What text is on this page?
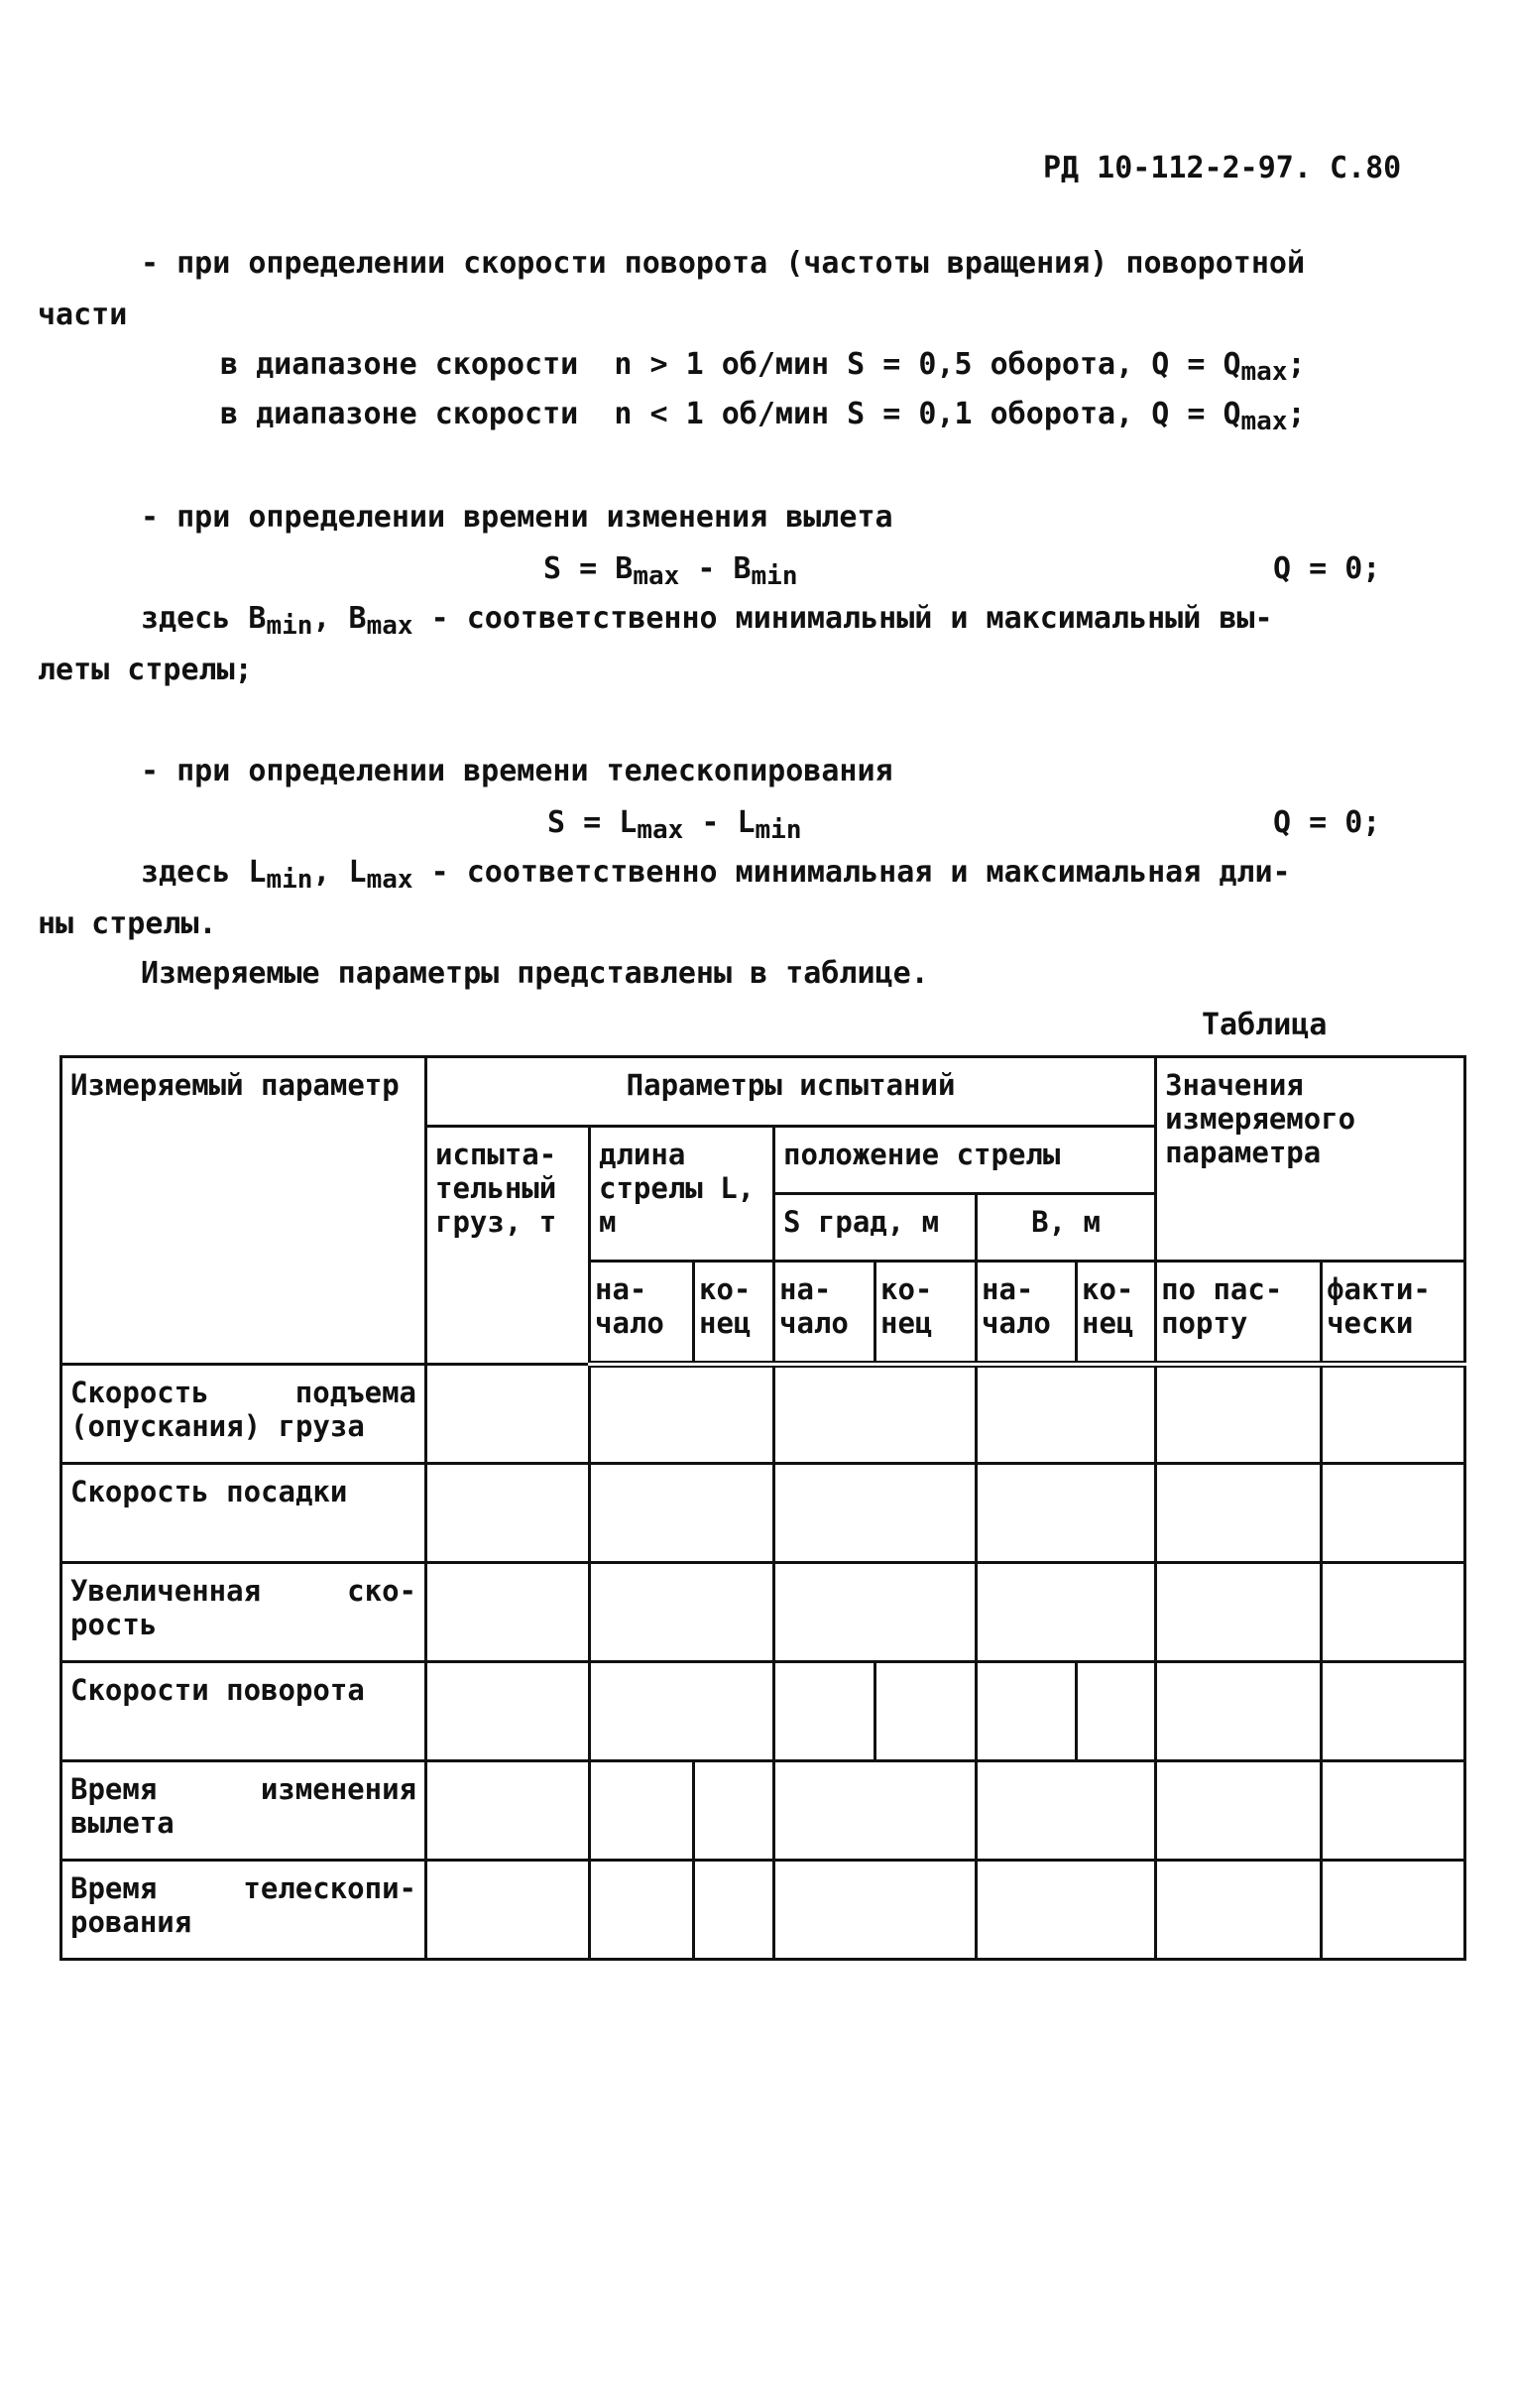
РД 10-112-2-97. С.80
- при определении скорости поворота (частоты вращения) поворотной
части
в диапазоне скорости  n > 1 об/мин S = 0,5 оборота, $Q = Q_{max}$;
в диапазоне скорости  n < 1 об/мин S = 0,1 оборота, $Q = Q_{max}$;
- при определении времени изменения вылета
$S = B_{max} - B_{min}$	Q = 0;
здесь $B_{min}$, $B_{max}$ - соответственно минимальный и максимальный вы-
леты стрелы;
- при определении времени телескопирования
$S = L_{max} - L_{min}$	Q = 0;
здесь $L_{min}$, $L_{max}$ - соответственно минимальная и максимальная дли-
ны стрелы.
Измеряемые параметры представлены в таблице.
Таблица
Измеряемый параметр	Параметры испытаний							Значения измеряемого параметра	
	испыта-тельный груз, т	длина стрелы L, м		положение стрелы					
				S град, м		B, м			
		на-чало	ко-нец	на-чало	ко-нец	на-чало	ко-нец	по пас-порту	факти-чески
Скорость подъема (опускания) груза									
Скорость посадки									
Увеличенная ско-рость									
Скорости поворота									
Время изменения вылета									
Время телескопи-рования									
